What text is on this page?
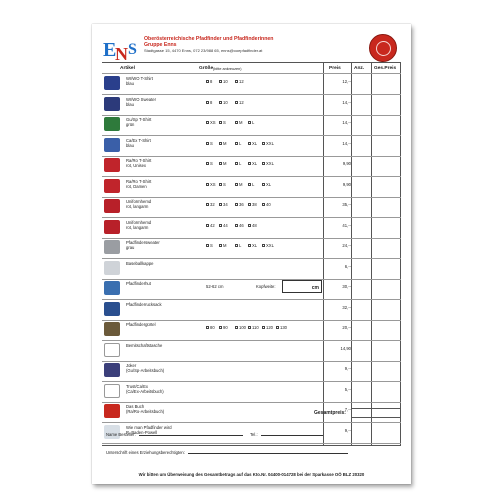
E
N S
Oberösterreichische Pfadfinder und Pfadfinderinnen
Gruppe Enns
Stadtgasse 15, 4470 Enns, 072 23/988 65, enns@ooepfadfinder.at
Artikel	Größe (bitte ankreuzen)	Preis	Anz. Ges.Preis
WI/WO T-Shirt
blau	8	10	12	12,--
WI/WO Sweater
blau	8	10	12	14,--
Gu/Sp T-Shirt
grün	XS	S	M	L	14,--
Ca/Ex T-Shirt
blau	S	M	L	XL	XXL	14,--
Ra/Ro T-Shirt
rot, Unisex	S	M	L	XL	XXL	9,90
Ra/Ro T-Shirt
rot, Damen	XS	S	M	L	XL	9,90
Uniformhemd
rot, langarm	32	34	36	38	40	35,--
Uniformhemd
rot, langarm	42	44	46	48	41,--
Pfadfindersweater
grau	S	M	L	XL	XXL	24,--
Baseballkappe
6,--
Pfadfinderhut
52-62 cm	Kopfweite:	cm	30,--
Pfadfinderrucksack
32,--
Pfadfindergürtel
80	90	100	110	120	130	20,--
Bemitschaftstasche
14,90
Joker
(Gu/Sp-Arbeitsbuch)	9,--
Trust/Ca/Ex
(Ca/Ex-Arbeitsbuch)	5,--
Das Buch
(Ra/Ro-Arbeitsbuch)	7,--
Wie man Pfadfinder wird
R. Baden-Powell	9,--
Gesamtpreis:
Name Besteller:	Tel.:
Unterschrift eines Erziehungsberechtigten:
Wir bitten um Überweisung des Gesamtbetrags auf das Kto.Nr. 04400-014728 bei der Sparkasse OÖ BLZ 20320
